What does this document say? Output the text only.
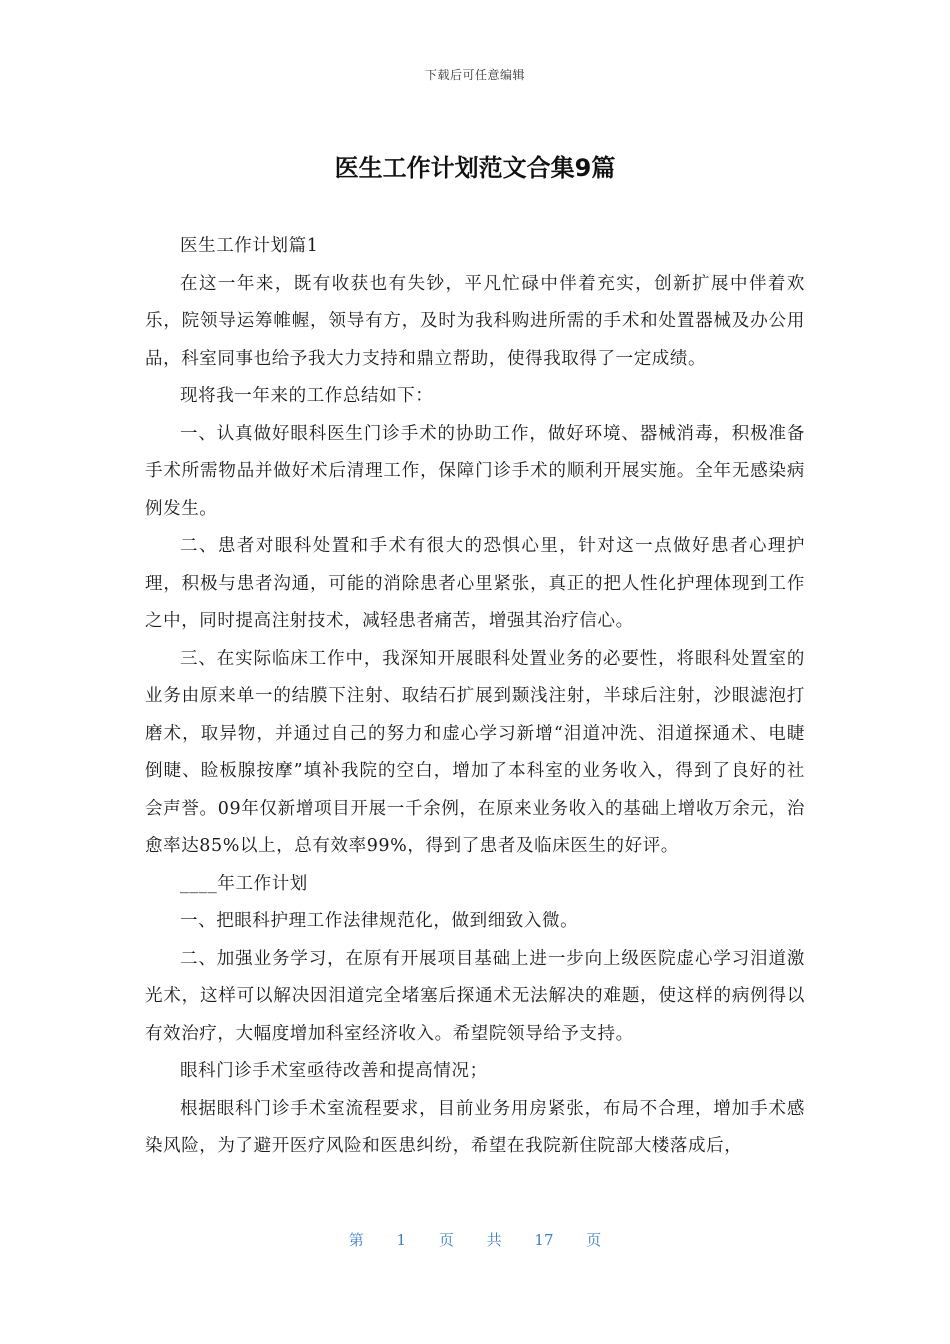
下载后可任意编辑
医生工作计划范文合集9篇

医生工作计划篇1

在这一年来，既有收获也有失钞，平凡忙碌中伴着充实，创新扩展中伴着欢乐，院领导运筹帷幄，领导有方，及时为我科购进所需的手术和处置器械及办公用品，科室同事也给予我大力支持和鼎立帮助，使得我取得了一定成绩。

现将我一年来的工作总结如下：

一、认真做好眼科医生门诊手术的协助工作，做好环境、器械消毒，积极准备手术所需物品并做好术后清理工作，保障门诊手术的顺利开展实施。全年无感染病例发生。

二、患者对眼科处置和手术有很大的恐惧心里，针对这一点做好患者心理护理，积极与患者沟通，可能的消除患者心里紧张，真正的把人性化护理体现到工作之中，同时提高注射技术，减轻患者痛苦，增强其治疗信心。

三、在实际临床工作中，我深知开展眼科处置业务的必要性，将眼科处置室的业务由原来单一的结膜下注射、取结石扩展到颞浅注射，半球后注射，沙眼滤泡打磨术，取异物，并通过自己的努力和虚心学习新增“泪道冲洗、泪道探通术、电睫倒睫、睑板腺按摩”填补我院的空白，增加了本科室的业务收入，得到了良好的社会声誉。09年仅新增项目开展一千余例，在原来业务收入的基础上增收万余元，治愈率达85%以上，总有效率99%，得到了患者及临床医生的好评。

____年工作计划

一、把眼科护理工作法律规范化，做到细致入微。

二、加强业务学习，在原有开展项目基础上进一步向上级医院虚心学习泪道激光术，这样可以解决因泪道完全堵塞后探通术无法解决的难题，使这样的病例得以有效治疗，大幅度增加科室经济收入。希望院领导给予支持。

眼科门诊手术室亟待改善和提高情况；

根据眼科门诊手术室流程要求，目前业务用房紧张，布局不合理，增加手术感染风险，为了避开医疗风险和医患纠纷，希望在我院新住院部大楼落成后，

第 1 页 共 17 页
